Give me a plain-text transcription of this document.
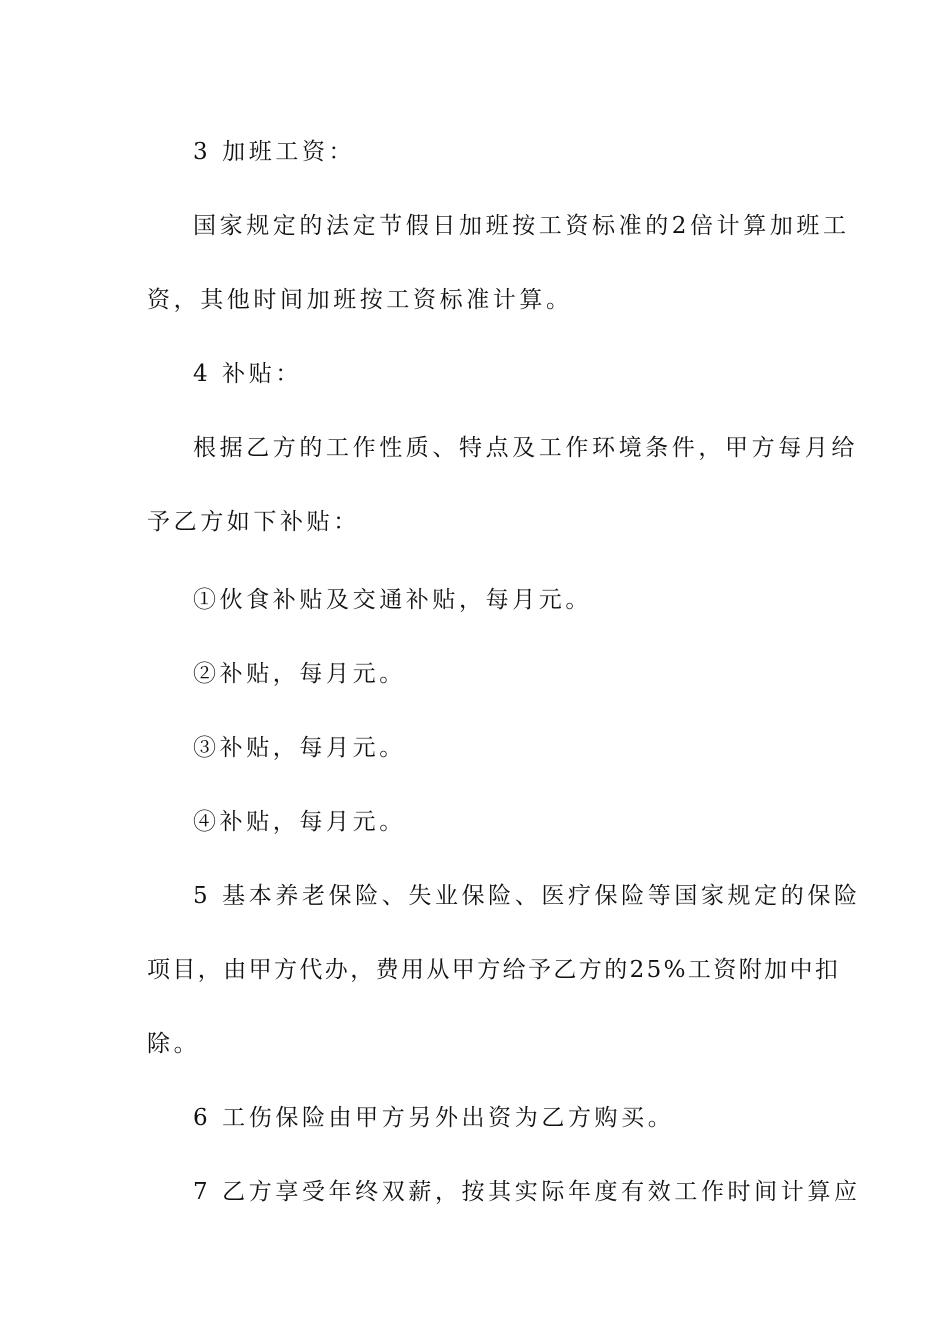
3 加班工资：
国家规定的法定节假日加班按工资标准的2倍计算加班工
资，其他时间加班按工资标准计算。
4 补贴：
根据乙方的工作性质、特点及工作环境条件，甲方每月给
予乙方如下补贴：
①伙食补贴及交通补贴，每月元。
②补贴，每月元。
③补贴，每月元。
④补贴，每月元。
5 基本养老保险、失业保险、医疗保险等国家规定的保险
项目，由甲方代办，费用从甲方给予乙方的25%工资附加中扣
除。
6 工伤保险由甲方另外出资为乙方购买。
7 乙方享受年终双薪，按其实际年度有效工作时间计算应
